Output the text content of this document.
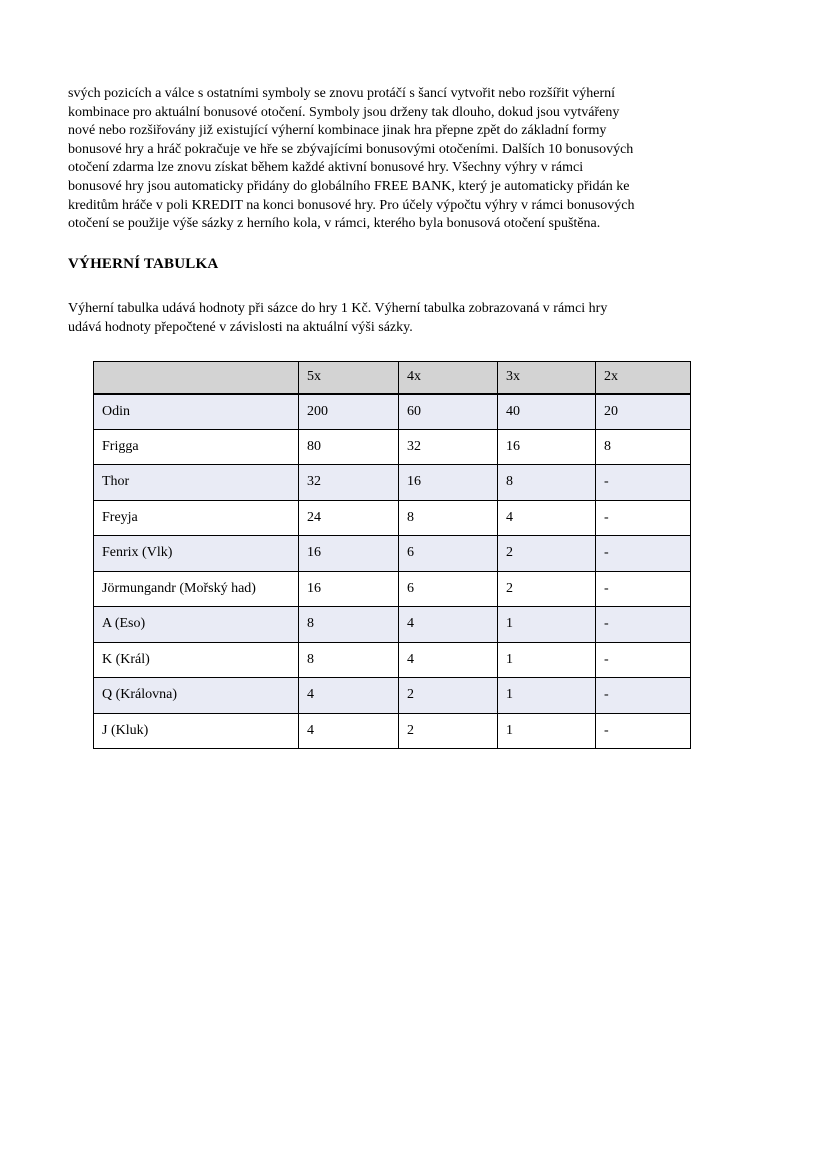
svých pozicích a válce s ostatními symboly se znovu protáčí s šancí vytvořit nebo rozšířit výherní
kombinace pro aktuální bonusové otočení. Symboly jsou drženy tak dlouho, dokud jsou vytvářeny
nové nebo rozšiřovány již existující výherní kombinace jinak hra přepne zpět do základní formy
bonusové hry a hráč pokračuje ve hře se zbývajícími bonusovými otočeními. Dalších 10 bonusových
otočení zdarma lze znovu získat během každé aktivní bonusové hry. Všechny výhry v rámci
bonusové hry jsou automaticky přidány do globálního FREE BANK, který je automaticky přidán ke
kreditům hráče v poli KREDIT na konci bonusové hry. Pro účely výpočtu výhry v rámci bonusových
otočení se použije výše sázky z herního kola, v rámci, kterého byla bonusová otočení spuštěna.
VÝHERNÍ TABULKA
Výherní tabulka udává hodnoty při sázce do hry 1 Kč. Výherní tabulka zobrazovaná v rámci hry
udává hodnoty přepočtené v závislosti na aktuální výši sázky.
	5x	4x	3x	2x
Odin	200	60	40	20
Frigga	80	32	16	8
Thor	32	16	8	-
Freyja	24	8	4	-
Fenrix (Vlk)	16	6	2	-
Jörmungandr (Mořský had)	16	6	2	-
A (Eso)	8	4	1	-
K (Král)	8	4	1	-
Q (Královna)	4	2	1	-
J (Kluk)	4	2	1	-
